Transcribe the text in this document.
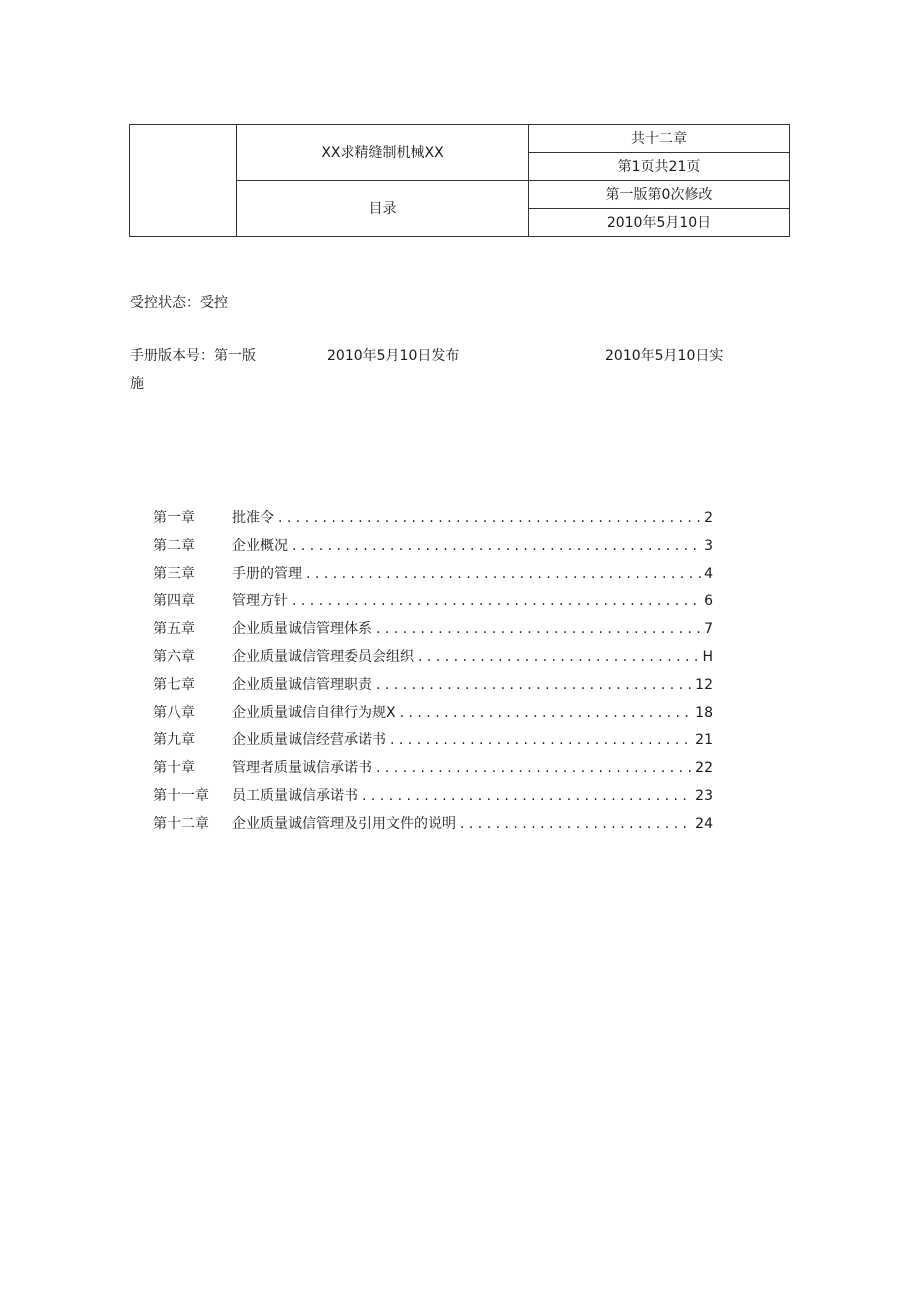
	XX求精缝制机械XX	共十二章
		第1页共21页
	目录	第一版第0次修改
		2010年5月10日
受控状态：受控
手册版本号：第一版	2010年5月10日发布	2010年5月10日实
施
第一章	批准令 . . .	2
第二章	企业概况 . . .	3
第三章	手册的管理 . . .	4
第四章	管理方针 . . .	6
第五章	企业质量诚信管理体系 . . .	7
第六章	企业质量诚信管理委员会组织 . . .	H
第七章	企业质量诚信管理职责 . . .	12
第八章	企业质量诚信自律行为规X . . .	18
第九章	企业质量诚信经营承诺书 . . .	21
第十章	管理者质量诚信承诺书 . . .	22
第十一章	员工质量诚信承诺书 . . .	23
第十二章	企业质量诚信管理及引用文件的说明 . . .	24
